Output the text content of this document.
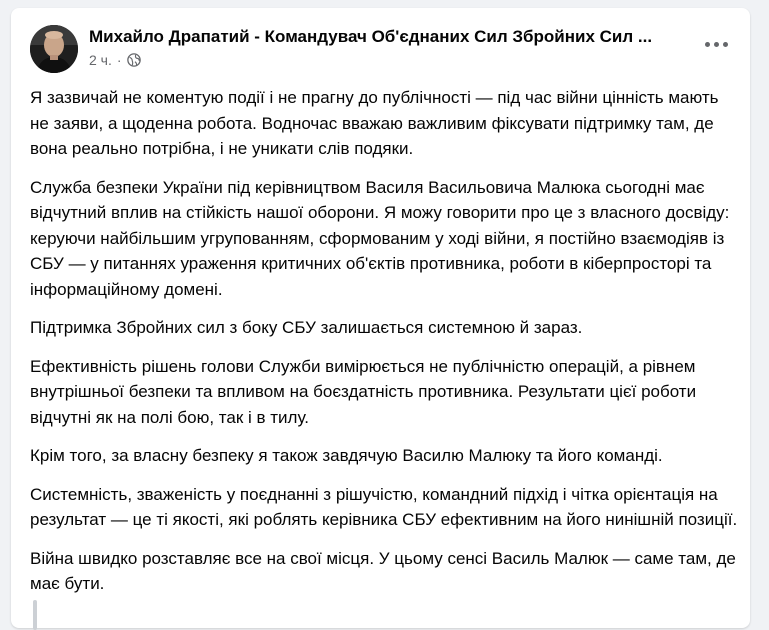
Михайло Драпатий - Командувач Об'єднаних Сил Збройних Сил ...
2 ч. ·

Я зазвичай не коментую події і не прагну до публічності — під час війни цінність мають не заяви, а щоденна робота. Водночас вважаю важливим фіксувати підтримку там, де вона реально потрібна, і не уникати слів подяки.

Служба безпеки України під керівництвом Василя Васильовича Малюка сьогодні має відчутний вплив на стійкість нашої оборони. Я можу говорити про це з власного досвіду: керуючи найбільшим угрупованням, сформованим у ході війни, я постійно взаємодіяв із СБУ — у питаннях ураження критичних об'єктів противника, роботи в кіберпросторі та інформаційному домені.

Підтримка Збройних сил з боку СБУ залишається системною й зараз.

Ефективність рішень голови Служби вимірюється не публічністю операцій, а рівнем внутрішньої безпеки та впливом на боєздатність противника. Результати цієї роботи відчутні як на полі бою, так і в тилу.

Крім того, за власну безпеку я також завдячую Василю Малюку та його команді.

Системність, зваженість у поєднанні з рішучістю, командний підхід і чітка орієнтація на результат — це ті якості, які роблять керівника СБУ ефективним на його нинішній позиції.

Війна швидко розставляє все на свої місця. У цьому сенсі Василь Малюк — саме там, де має бути.
